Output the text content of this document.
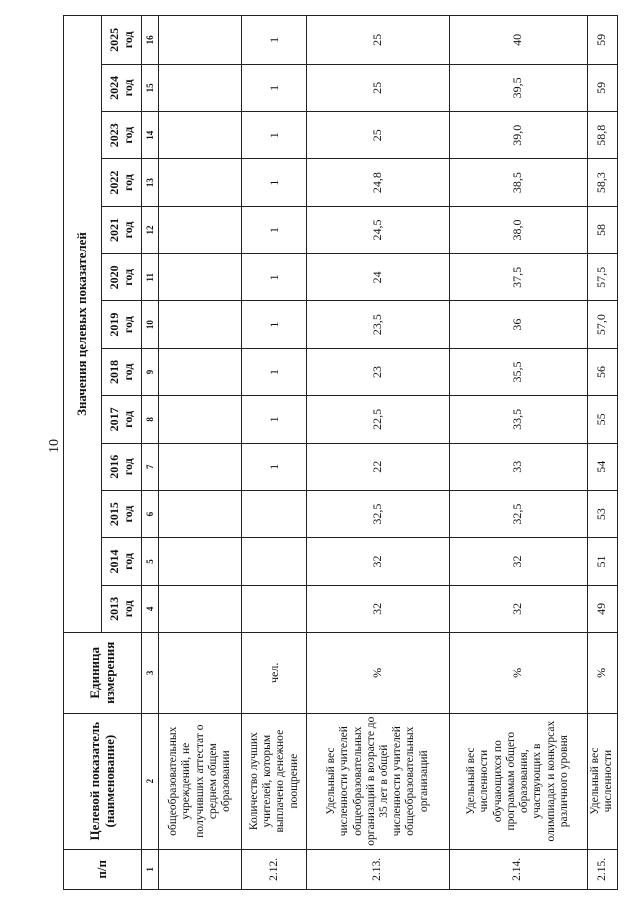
10
п/п	Целевой показатель (наименование)	Единица измерения	Значения целевых показателей												
			2013 год	2014 год	2015 год	2016 год	2017 год	2018 год	2019 год	2020 год	2021 год	2022 год	2023 год	2024 год	2025 год
1	2	3	4	5	6	7	8	9	10	11	12	13	14	15	16
	общеобразовательных учреждений, не получивших аттестат о среднем общем образовании														
2.12.	Количество лучших учителей, которым выплачено денежное поощрение	чел.				1	1	1	1	1	1	1	1	1	1
2.13.	Удельный вес численности учителей общеобразовательных организаций в возрасте до 35 лет в общей численности учителей общеобразовательных организаций	%	32	32	32,5	22	22,5	23	23,5	24	24,5	24,8	25	25	25
2.14.	Удельный вес численности обучающихся по программам общего образования, участвующих в олимпиадах и конкурсах различного уровня	%	32	32	32,5	33	33,5	35,5	36	37,5	38,0	38,5	39,0	39,5	40
2.15.	Удельный вес численности	%	49	51	53	54	55	56	57,0	57,5	58	58,3	58,8	59	59
